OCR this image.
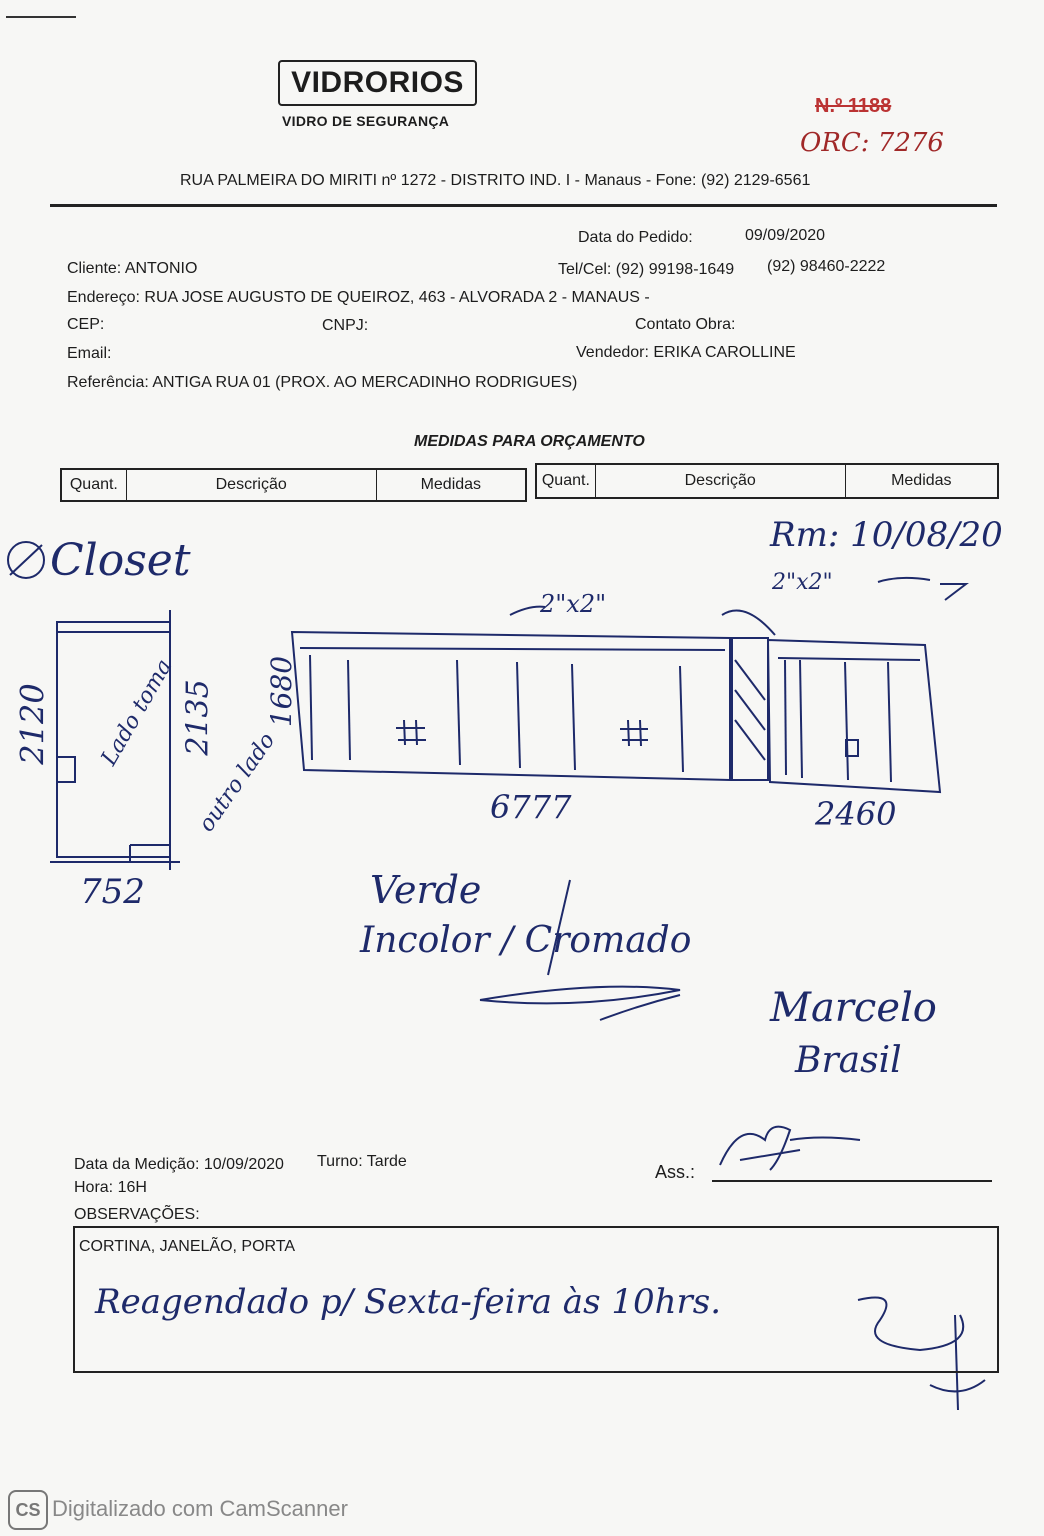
VIDRORIOS
VIDRO DE SEGURANÇA
N.º 1188
ORC: 7276
RUA PALMEIRA DO MIRITI nº 1272 - DISTRITO IND. I - Manaus - Fone: (92) 2129-6561
Data do Pedido:	09/09/2020
Cliente: ANTONIO	Tel/Cel: (92) 99198-1649 (92) 98460-2222
Endereço: RUA JOSE AUGUSTO DE QUEIROZ, 463 - ALVORADA 2 - MANAUS -
CEP:	CNPJ:	Contato Obra:
Email:	Vendedor: ERIKA CAROLLINE
Referência: ANTIGA RUA 01 (PROX. AO MERCADINHO RODRIGUES)
MEDIDAS PARA ORÇAMENTO
Quant.	Descrição	Medidas	Quant.	Descrição	Medidas
Closet	Rm: 10/08/20
2"x2"
2"x2"
2120	2135 1680
Lado toma
outro lado
752
6777	2460
Verde
Incolor / Cromado
Marcelo
Brasil
Data da Medição: 10/09/2020 Turno: Tarde
Hora: 16H
Ass.:
OBSERVAÇÕES:
CORTINA, JANELÃO, PORTA
Reagendado p/ Sexta-feira às 10hrs.
CS Digitalizado com CamScanner
